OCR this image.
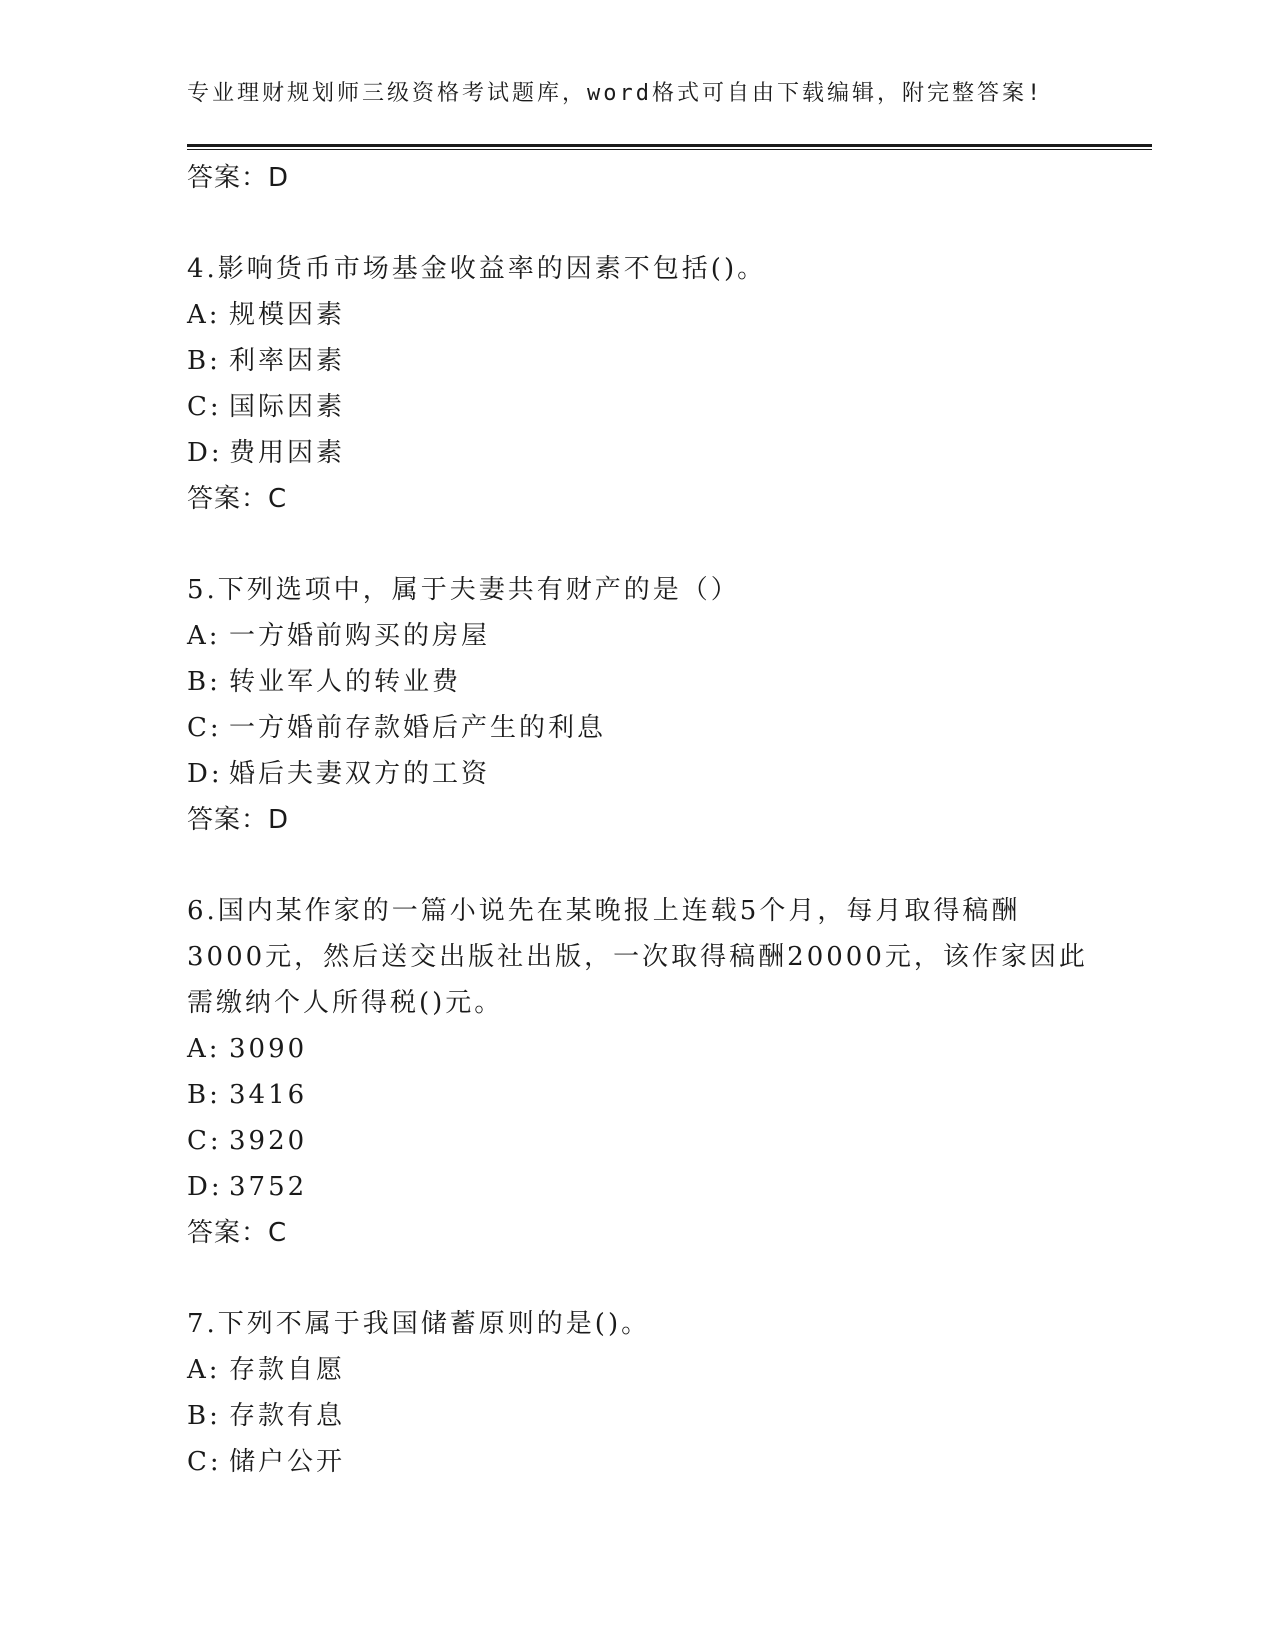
专业理财规划师三级资格考试题库，word格式可自由下载编辑，附完整答案!
答案：D
4.影响货币市场基金收益率的因素不包括()。
A: 规模因素
B: 利率因素
C: 国际因素
D: 费用因素
答案：C
5.下列选项中，属于夫妻共有财产的是（）
A: 一方婚前购买的房屋
B: 转业军人的转业费
C: 一方婚前存款婚后产生的利息
D: 婚后夫妻双方的工资
答案：D
6.国内某作家的一篇小说先在某晚报上连载5个月，每月取得稿酬
3000元，然后送交出版社出版，一次取得稿酬20000元，该作家因此
需缴纳个人所得税()元。
A: 3090
B: 3416
C: 3920
D: 3752
答案：C
7.下列不属于我国储蓄原则的是()。
A: 存款自愿
B: 存款有息
C: 储户公开
